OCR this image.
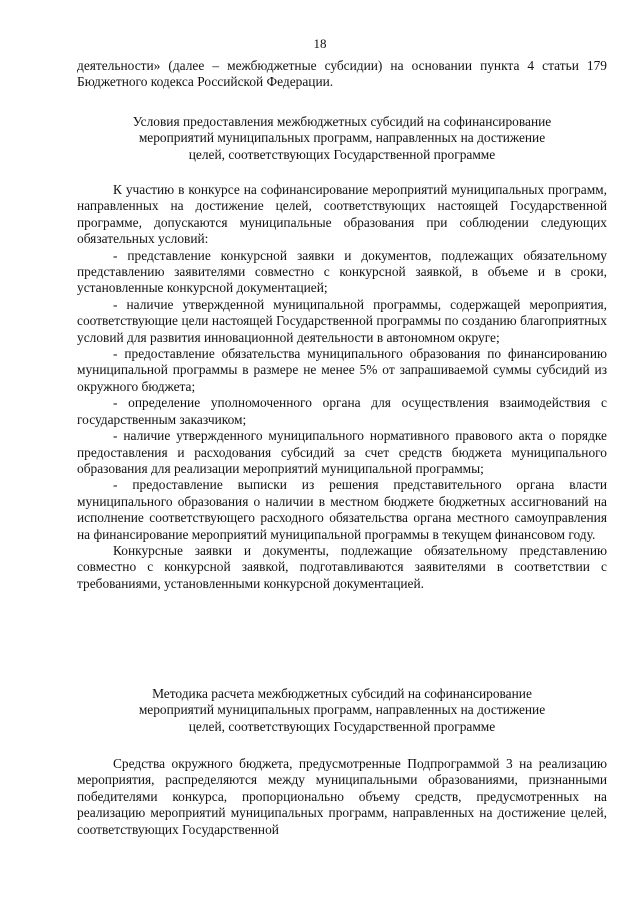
18

деятельности» (далее – межбюджетные субсидии) на основании пункта 4 статьи 179 Бюджетного кодекса Российской Федерации.

Условия предоставления межбюджетных субсидий на софинансирование
мероприятий муниципальных программ, направленных на достижение
целей, соответствующих Государственной программе

К участию в конкурсе на софинансирование мероприятий муниципальных программ, направленных на достижение целей, соответствующих настоящей Государственной программе, допускаются муниципальные образования при соблюдении следующих обязательных условий:

- представление конкурсной заявки и документов, подлежащих обязательному представлению заявителями совместно с конкурсной заявкой, в объеме и в сроки, установленные конкурсной документацией;

- наличие утвержденной муниципальной программы, содержащей мероприятия, соответствующие цели настоящей Государственной программы по созданию благоприятных условий для развития инновационной деятельности в автономном округе;

- предоставление обязательства муниципального образования по финансированию муниципальной программы в размере не менее 5% от запрашиваемой суммы субсидий из окружного бюджета;

- определение уполномоченного органа для осуществления взаимодействия с государственным заказчиком;

- наличие утвержденного муниципального нормативного правового акта о порядке предоставления и расходования субсидий за счет средств бюджета муниципального образования для реализации мероприятий муниципальной программы;

- предоставление выписки из решения представительного органа власти муниципального образования о наличии в местном бюджете бюджетных ассигнований на исполнение соответствующего расходного обязательства органа местного самоуправления на финансирование мероприятий муниципальной программы в текущем финансовом году.

Конкурсные заявки и документы, подлежащие обязательному представлению совместно с конкурсной заявкой, подготавливаются заявителями в соответствии с требованиями, установленными конкурсной документацией.

Методика расчета межбюджетных субсидий на софинансирование
мероприятий муниципальных программ, направленных на достижение
целей, соответствующих Государственной программе

Средства окружного бюджета, предусмотренные Подпрограммой 3 на реализацию мероприятия, распределяются между муниципальными образованиями, признанными победителями конкурса, пропорционально объему средств, предусмотренных на реализацию мероприятий муниципальных программ, направленных на достижение целей, соответствующих Государственной
